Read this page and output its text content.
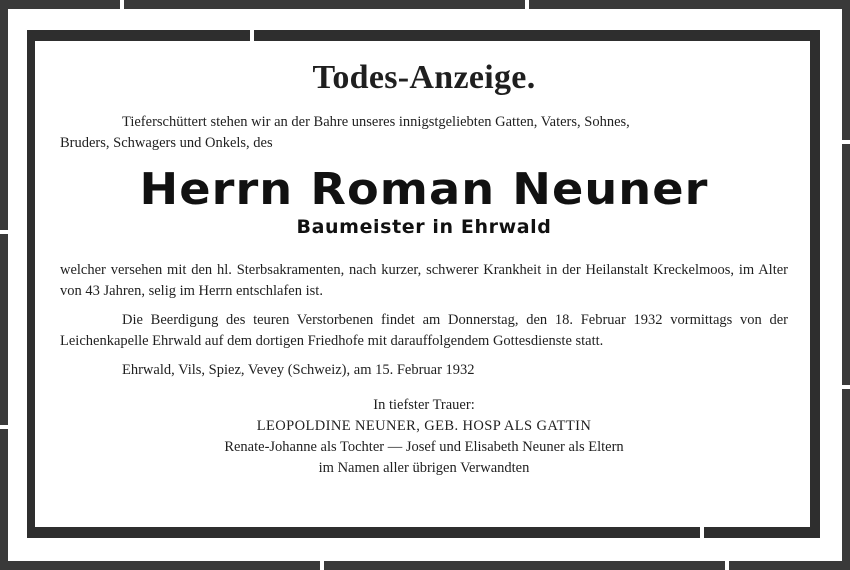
Todes-Anzeige.

Tieferschüttert stehen wir an der Bahre unseres innigstgeliebten Gatten, Vaters, Sohnes,
Bruders, Schwagers und Onkels, des

Herrn Roman Neuner
Baumeister in Ehrwald

welcher versehen mit den hl. Sterbsakramenten, nach kurzer, schwerer Krankheit in der Heilanstalt Kreckelmoos, im Alter von 43 Jahren, selig im Herrn entschlafen ist.

Die Beerdigung des teuren Verstorbenen findet am Donnerstag, den 18. Februar 1932 vormittags von der Leichenkapelle Ehrwald auf dem dortigen Friedhofe mit darauffolgendem Gottesdienste statt.

Ehrwald, Vils, Spiez, Vevey (Schweiz), am 15. Februar 1932
In tiefster Trauer:
LEOPOLDINE NEUNER, GEB. HOSP ALS GATTIN
Renate-Johanne als Tochter — Josef und Elisabeth Neuner als Eltern
im Namen aller übrigen Verwandten
